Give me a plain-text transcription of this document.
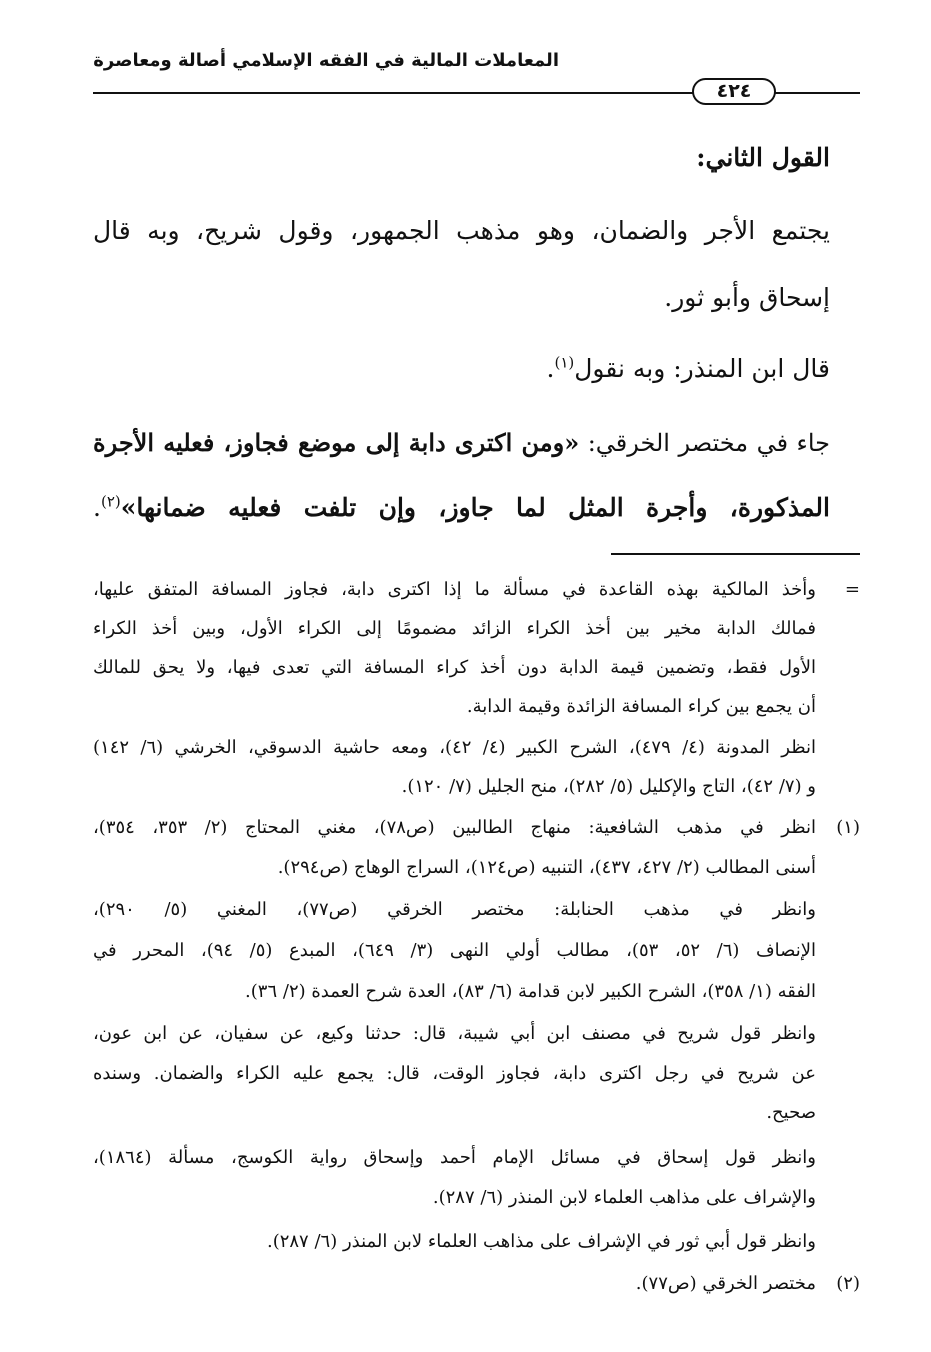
المعاملات المالية في الفقه الإسلامي أصالة ومعاصرة
٤٢٤
القول الثاني:
يجتمع الأجر والضمان، وهو مذهب الجمهور، وقول شريح، وبه قال
إسحاق وأبو ثور.
قال ابن المنذر: وبه نقول$^{(١)}$.
جاء في مختصر الخرقي: «ومن اكترى دابة إلى موضع فجاوز، فعليه الأجرة
المذكورة، وأجرة المثل لما جاوز، وإن تلفت فعليه ضمانها»$^{(٢)}$.
=
وأخذ المالكية بهذه القاعدة في مسألة ما إذا اكترى دابة، فجاوز المسافة المتفق عليها،
فمالك الدابة مخير بين أخذ الكراء الزائد مضمومًا إلى الكراء الأول، وبين أخذ الكراء
الأول فقط، وتضمين قيمة الدابة دون أخذ كراء المسافة التي تعدى فيها، ولا يحق للمالك
أن يجمع بين كراء المسافة الزائدة وقيمة الدابة.
انظر المدونة (٤/ ٤٧٩)، الشرح الكبير (٤/ ٤٢)، ومعه حاشية الدسوقي، الخرشي (٦/ ١٤٢)
و (٧/ ٤٢)، التاج والإكليل (٥/ ٢٨٢)، منح الجليل (٧/ ١٢٠).
(١)
انظر في مذهب الشافعية: منهاج الطالبين (ص٧٨)، مغني المحتاج (٢/ ٣٥٣، ٣٥٤)،
أسنى المطالب (٢/ ٤٢٧، ٤٣٧)، التنبيه (ص١٢٤)، السراج الوهاج (ص٢٩٤).
وانظر في مذهب الحنابلة: مختصر الخرقي (ص٧٧)، المغني (٥/ ٢٩٠)،
الإنصاف (٦/ ٥٢، ٥٣)، مطالب أولي النهى (٣/ ٦٤٩)، المبدع (٥/ ٩٤)، المحرر في
الفقه (١/ ٣٥٨)، الشرح الكبير لابن قدامة (٦/ ٨٣)، العدة شرح العمدة (٢/ ٣٦).
وانظر قول شريح في مصنف ابن أبي شيبة، قال: حدثنا وكيع، عن سفيان، عن ابن عون،
عن شريح في رجل اكترى دابة، فجاوز الوقت، قال: يجمع عليه الكراء والضمان. وسنده
صحيح.
وانظر قول إسحاق في مسائل الإمام أحمد وإسحاق رواية الكوسج، مسألة (١٨٦٤)،
والإشراف على مذاهب العلماء لابن المنذر (٦/ ٢٨٧).
وانظر قول أبي ثور في الإشراف على مذاهب العلماء لابن المنذر (٦/ ٢٨٧).
(٢)
مختصر الخرقي (ص٧٧).
